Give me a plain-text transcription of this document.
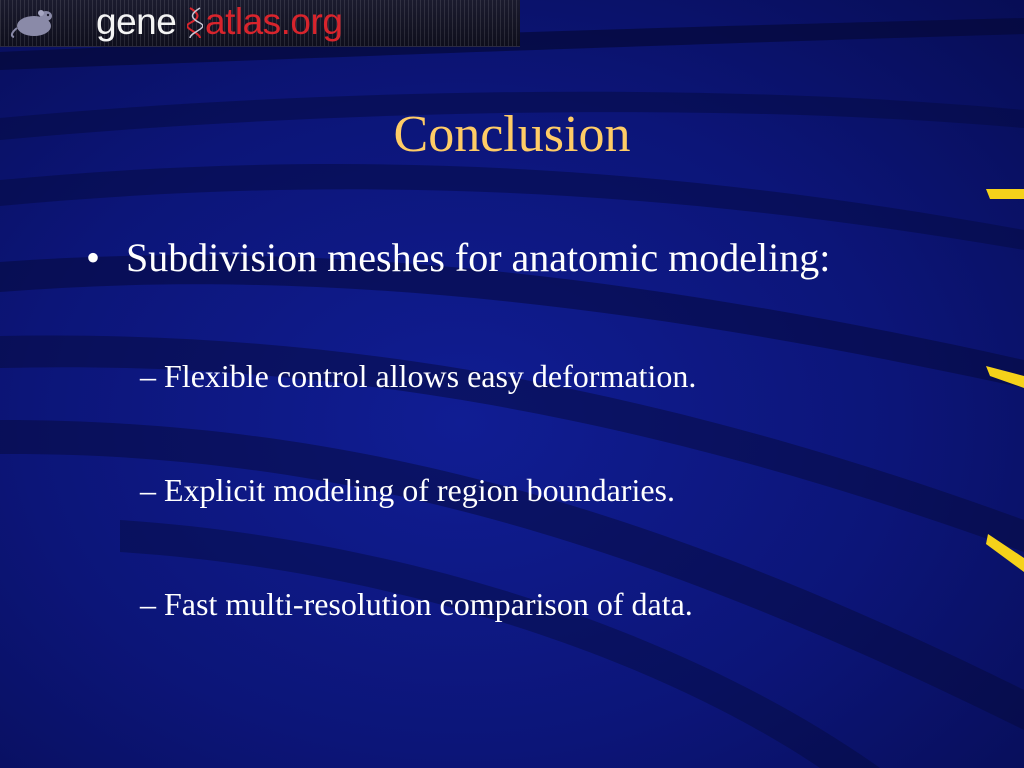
gene atlas.org
Conclusion
• Subdivision meshes for anatomic modeling:
– Flexible control allows easy deformation.
– Explicit modeling of region boundaries.
– Fast multi-resolution comparison of data.
